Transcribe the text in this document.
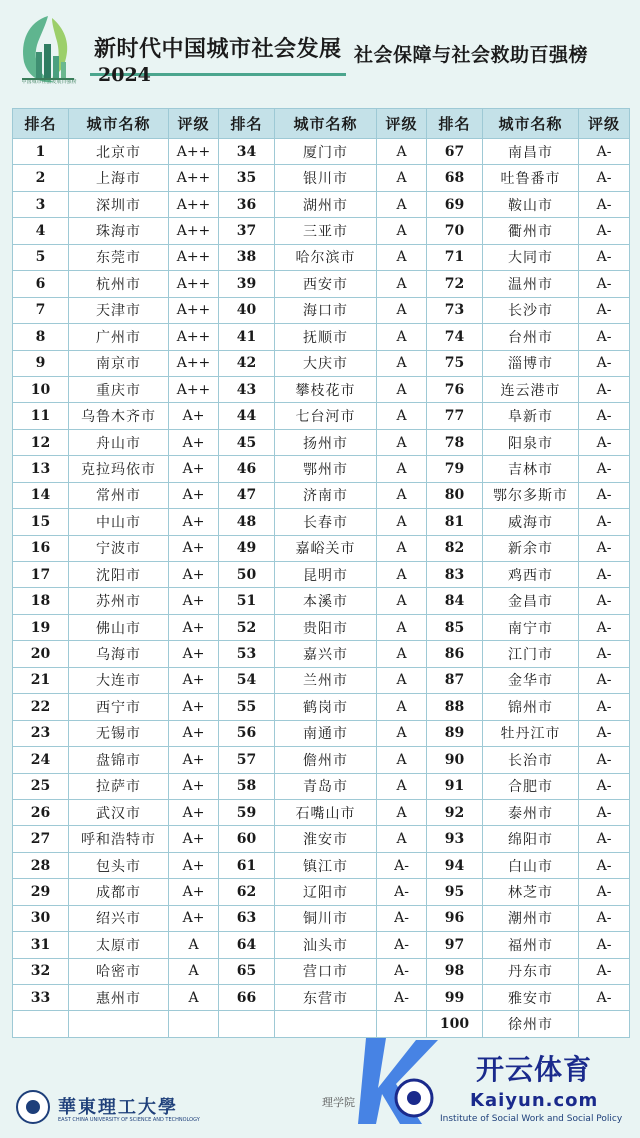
中国城市社会发展百强榜
新时代中国城市社会发展
2024
社会保障与社会救助百强榜
排名	城市名称	评级	排名	城市名称	评级	排名	城市名称	评级
1	北京市	A++	34	厦门市	A	67	南昌市	A-
2	上海市	A++	35	银川市	A	68	吐鲁番市	A-
3	深圳市	A++	36	湖州市	A	69	鞍山市	A-
4	珠海市	A++	37	三亚市	A	70	衢州市	A-
5	东莞市	A++	38	哈尔滨市	A	71	大同市	A-
6	杭州市	A++	39	西安市	A	72	温州市	A-
7	天津市	A++	40	海口市	A	73	长沙市	A-
8	广州市	A++	41	抚顺市	A	74	台州市	A-
9	南京市	A++	42	大庆市	A	75	淄博市	A-
10	重庆市	A++	43	攀枝花市	A	76	连云港市	A-
11	乌鲁木齐市	A+	44	七台河市	A	77	阜新市	A-
12	舟山市	A+	45	扬州市	A	78	阳泉市	A-
13	克拉玛依市	A+	46	鄂州市	A	79	吉林市	A-
14	常州市	A+	47	济南市	A	80	鄂尔多斯市	A-
15	中山市	A+	48	长春市	A	81	威海市	A-
16	宁波市	A+	49	嘉峪关市	A	82	新余市	A-
17	沈阳市	A+	50	昆明市	A	83	鸡西市	A-
18	苏州市	A+	51	本溪市	A	84	金昌市	A-
19	佛山市	A+	52	贵阳市	A	85	南宁市	A-
20	乌海市	A+	53	嘉兴市	A	86	江门市	A-
21	大连市	A+	54	兰州市	A	87	金华市	A-
22	西宁市	A+	55	鹤岗市	A	88	锦州市	A-
23	无锡市	A+	56	南通市	A	89	牡丹江市	A-
24	盘锦市	A+	57	儋州市	A	90	长治市	A-
25	拉萨市	A+	58	青岛市	A	91	合肥市	A-
26	武汉市	A+	59	石嘴山市	A	92	泰州市	A-
27	呼和浩特市	A+	60	淮安市	A	93	绵阳市	A-
28	包头市	A+	61	镇江市	A-	94	白山市	A-
29	成都市	A+	62	辽阳市	A-	95	林芝市	A-
30	绍兴市	A+	63	铜川市	A-	96	潮州市	A-
31	太原市	A	64	汕头市	A-	97	福州市	A-
32	哈密市	A	65	营口市	A-	98	丹东市	A-
33	惠州市	A	66	东营市	A-	99	雅安市	A-
						100	徐州市	
華東理工大學
EAST CHINA UNIVERSITY OF SCIENCE AND TECHNOLOGY
理学院
Institute of Social Work and Social Policy
开云体育
Kaiyun.com
